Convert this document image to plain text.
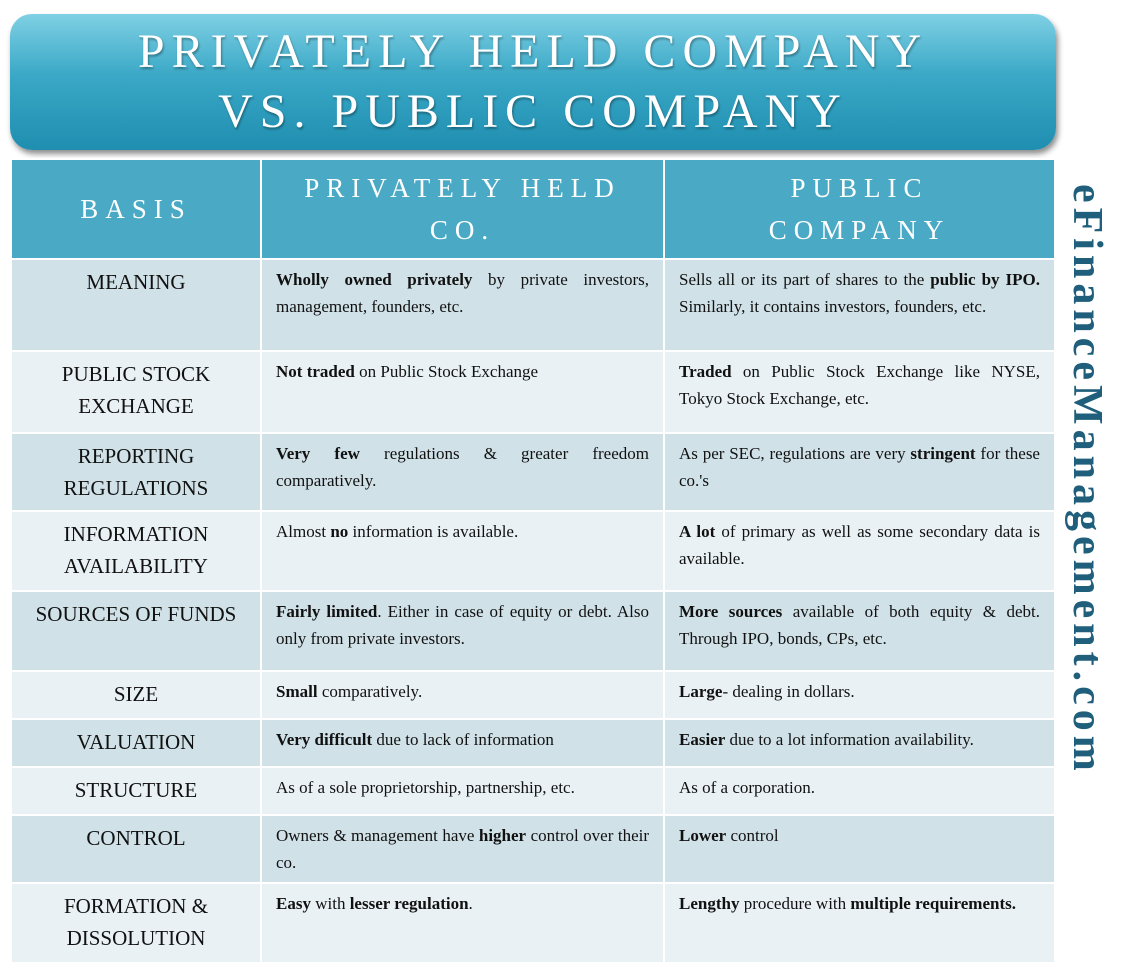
PRIVATELY HELD COMPANY
VS. PUBLIC COMPANY
eFinanceManagement.com
BASIS	PRIVATELY HELD CO.	PUBLIC COMPANY
MEANING	Wholly owned privately by private investors, management, founders, etc.	Sells all or its part of shares to the public by IPO. Similarly, it contains investors, founders, etc.
PUBLIC STOCK EXCHANGE	Not traded on Public Stock Exchange	Traded on Public Stock Exchange like NYSE, Tokyo Stock Exchange, etc.
REPORTING REGULATIONS	Very few regulations & greater freedom comparatively.	As per SEC, regulations are very stringent for these co.'s
INFORMATION AVAILABILITY	Almost no information is available.	A lot of primary as well as some secondary data is available.
SOURCES OF FUNDS	Fairly limited. Either in case of equity or debt. Also only from private investors.	More sources available of both equity & debt. Through IPO, bonds, CPs, etc.
SIZE	Small comparatively.	Large- dealing in dollars.
VALUATION	Very difficult due to lack of information	Easier due to a lot information availability.
STRUCTURE	As of a sole proprietorship, partnership, etc.	As of a corporation.
CONTROL	Owners & management have higher control over their co.	Lower control
FORMATION & DISSOLUTION	Easy with lesser regulation.	Lengthy procedure with multiple requirements.
